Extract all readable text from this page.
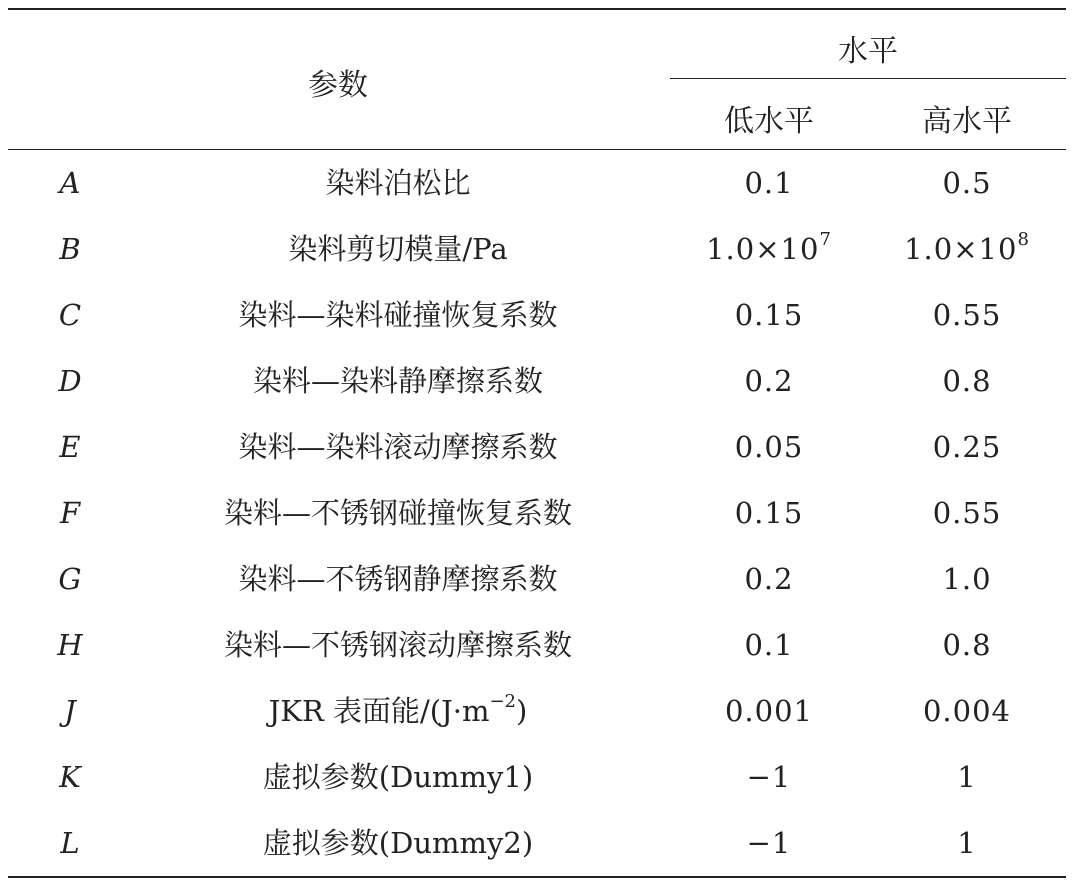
参数
水平
低水平	高水平
A	染料泊松比	0.1	0.5
B	染料剪切模量/Pa	$1.0\times 10^7$	$1.0\times 10^8$
C	染料—染料碰撞恢复系数	0.15	0.55
D	染料—染料静摩擦系数	0.2	0.8
E	染料—染料滚动摩擦系数	0.05	0.25
F	染料—不锈钢碰撞恢复系数	0.15	0.55
G	染料—不锈钢静摩擦系数	0.2	1.0
H	染料—不锈钢滚动摩擦系数	0.1	0.8
J	JKR 表面能$/(J\cdot m^{-2})$	0.001	0.004
K	虚拟参数(Dummy1)	−1	1
L	虚拟参数(Dummy2)	−1	1
